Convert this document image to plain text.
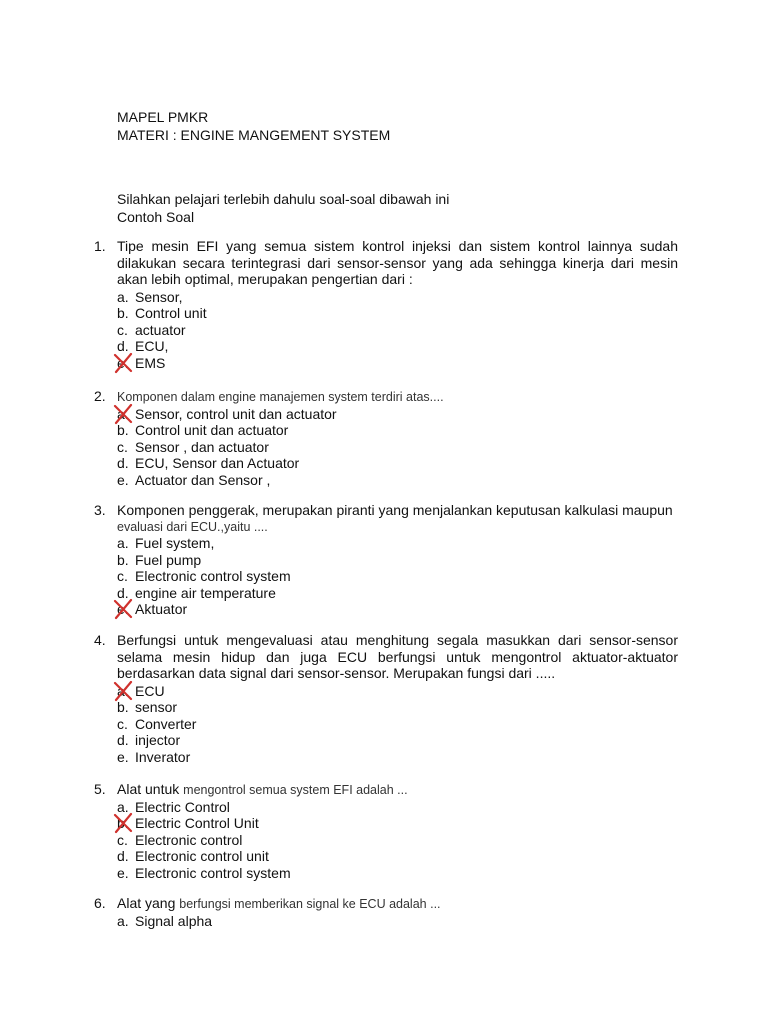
MAPEL PMKR
MATERI : ENGINE MANGEMENT SYSTEM
Silahkan pelajari terlebih dahulu soal-soal dibawah ini
Contoh Soal
1. Tipe mesin EFI yang semua sistem kontrol injeksi dan sistem kontrol lainnya sudah dilakukan secara terintegrasi dari sensor-sensor yang ada sehingga kinerja dari mesin akan lebih optimal, merupakan pengertian dari :
a. Sensor,
b. Control unit
c. actuator
d. ECU,
e. EMS
2. Komponen dalam engine manajemen system terdiri atas....
a. Sensor, control unit dan actuator
b. Control unit dan actuator
c. Sensor , dan actuator
d. ECU, Sensor dan Actuator
e. Actuator dan Sensor ,
3. Komponen penggerak, merupakan piranti yang menjalankan keputusan kalkulasi maupun
evaluasi dari ECU.,yaitu ....
a. Fuel system,
b. Fuel pump
c. Electronic control system
d. engine air temperature
e. Aktuator
4. Berfungsi untuk mengevaluasi atau menghitung segala masukkan dari sensor-sensor selama mesin hidup dan juga ECU berfungsi untuk mengontrol aktuator-aktuator berdasarkan data signal dari sensor-sensor. Merupakan fungsi dari .....
a. ECU
b. sensor
c. Converter
d. injector
e. Inverator
5. Alat untuk mengontrol semua system EFI adalah ...
a. Electric Control
b. Electric Control Unit
c. Electronic control
d. Electronic control unit
e. Electronic control system
6. Alat yang berfungsi memberikan signal ke ECU adalah ...
a. Signal alpha
